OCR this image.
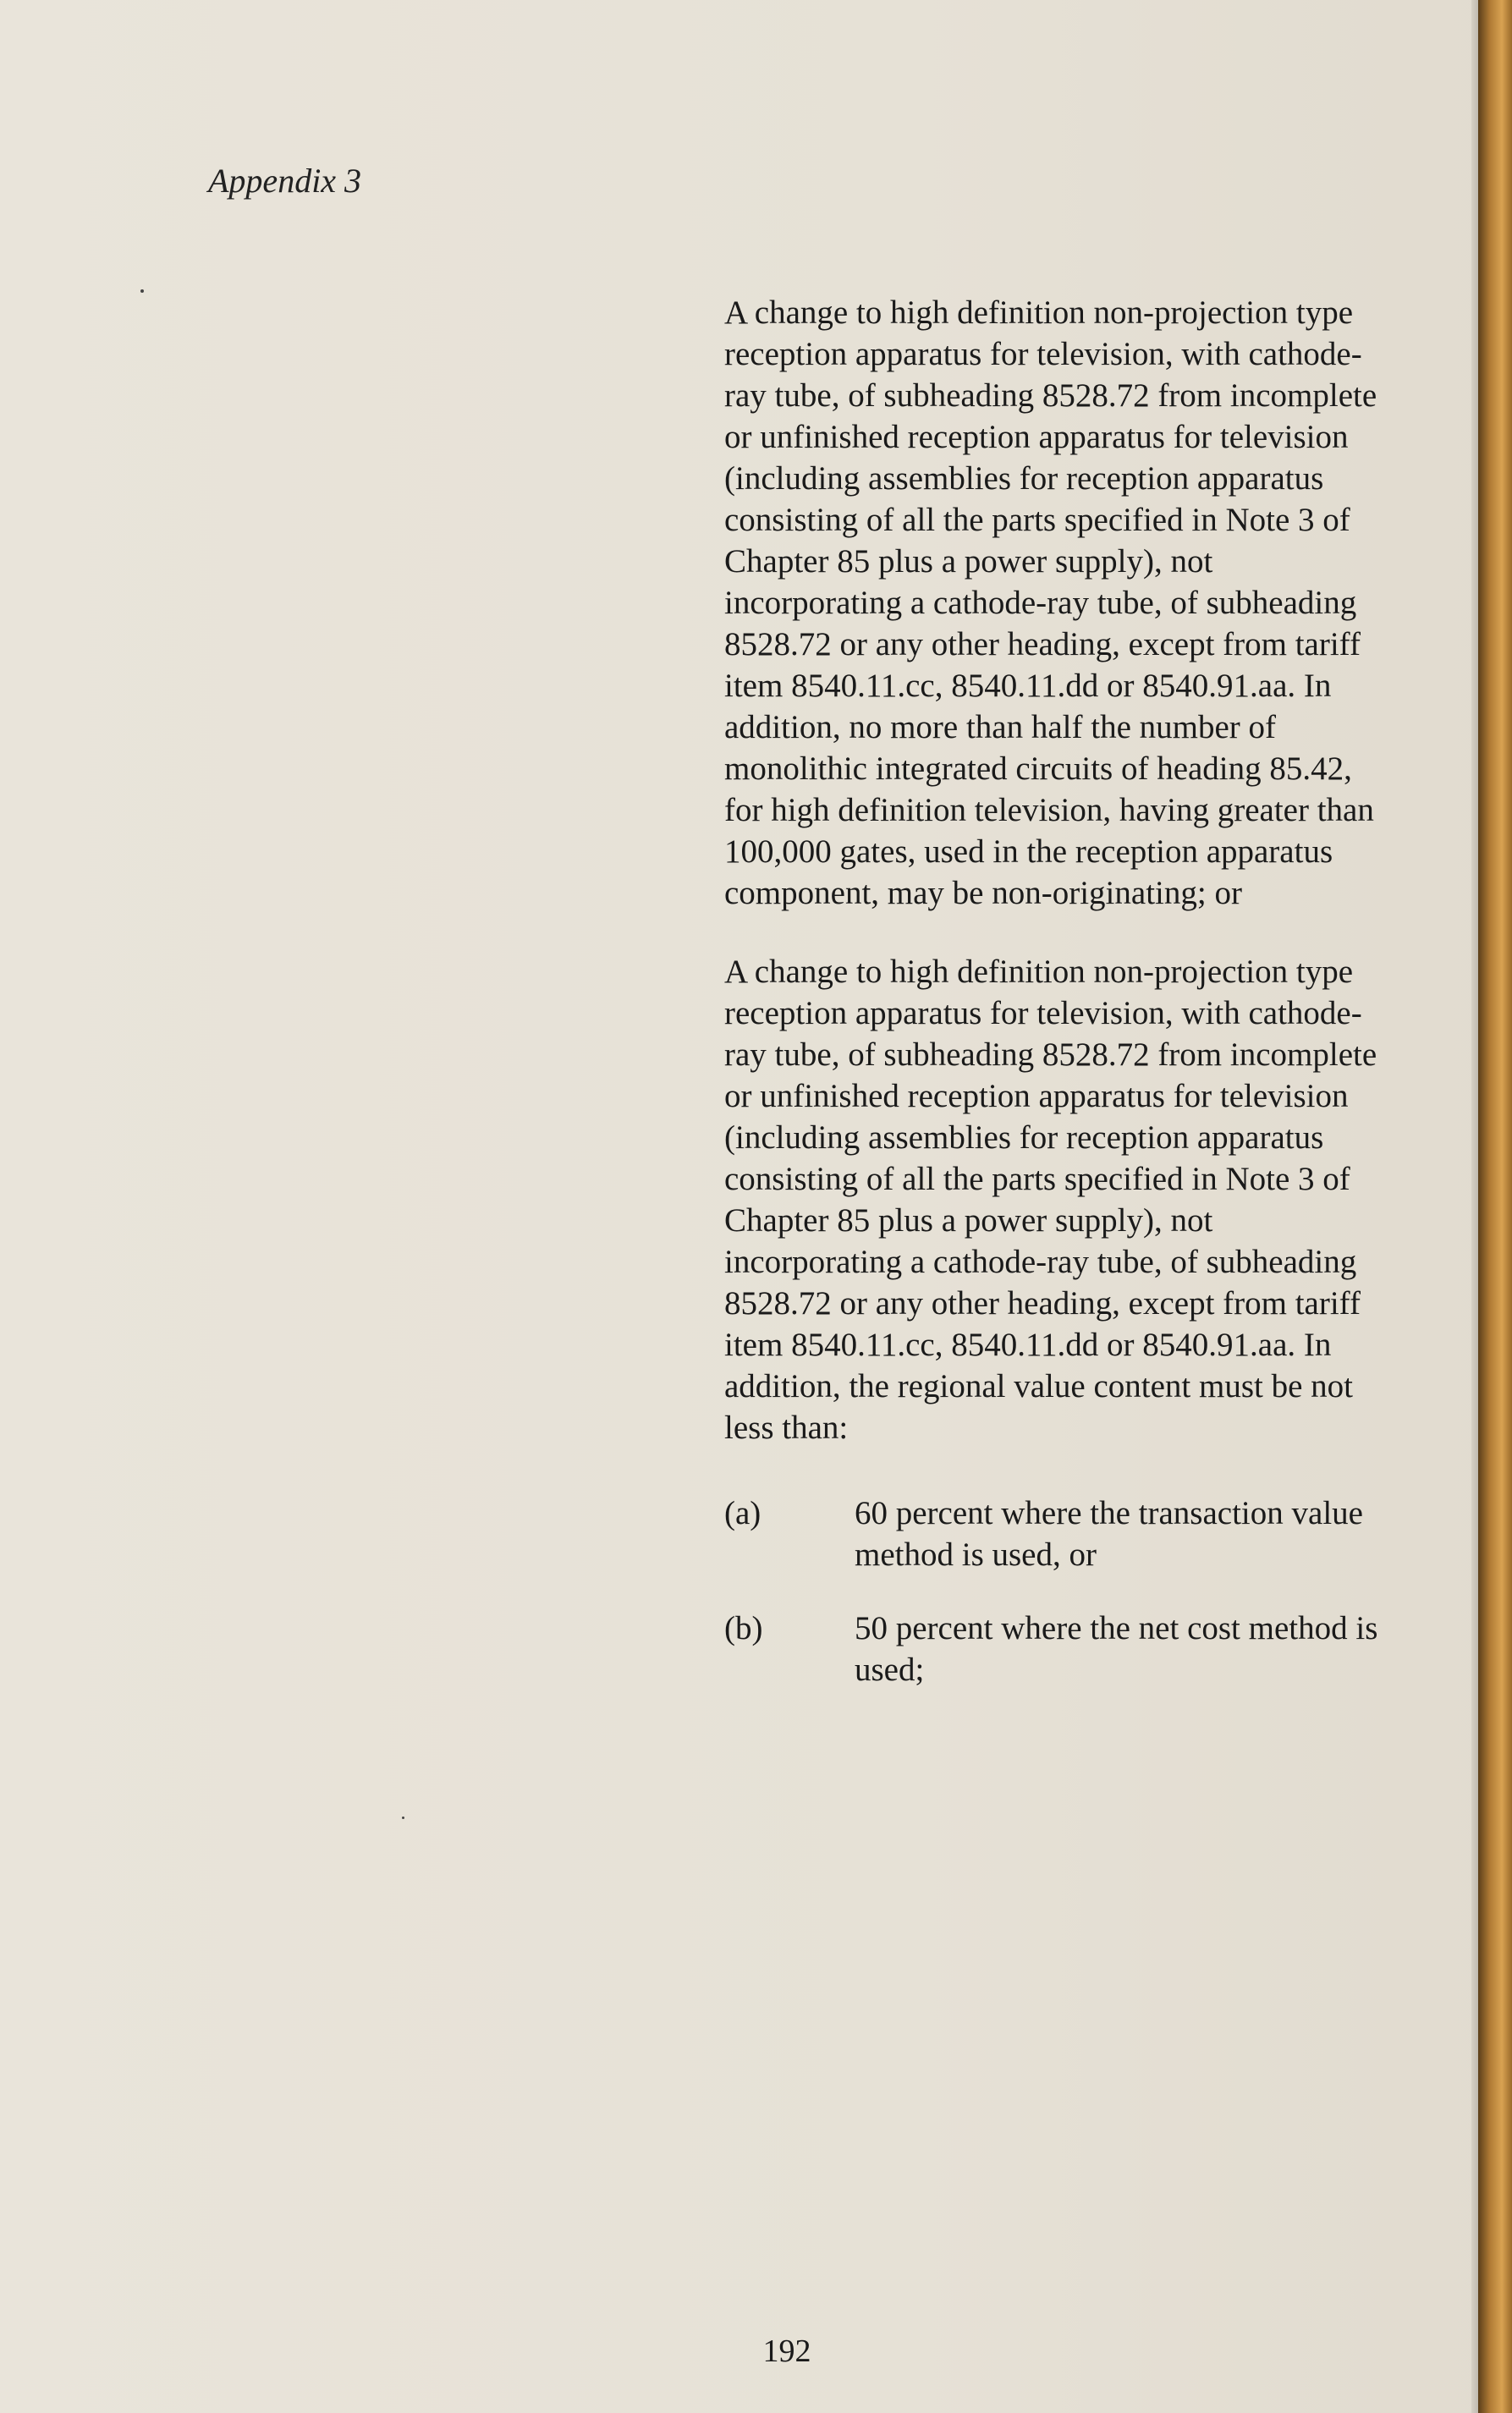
Appendix 3

A change to high definition non-projection type reception apparatus for television, with cathode-ray tube, of subheading 8528.72 from incomplete or unfinished reception apparatus for television (including assemblies for reception apparatus consisting of all the parts specified in Note 3 of Chapter 85 plus a power supply), not incorporating a cathode-ray tube, of subheading 8528.72 or any other heading, except from tariff item 8540.11.cc, 8540.11.dd or 8540.91.aa. In addition, no more than half the number of monolithic integrated circuits of heading 85.42, for high definition television, having greater than 100,000 gates, used in the reception apparatus component, may be non-originating; or

A change to high definition non-projection type reception apparatus for television, with cathode-ray tube, of subheading 8528.72 from incomplete or unfinished reception apparatus for television (including assemblies for reception apparatus consisting of all the parts specified in Note 3 of Chapter 85 plus a power supply), not incorporating a cathode-ray tube, of subheading 8528.72 or any other heading, except from tariff item 8540.11.cc, 8540.11.dd or 8540.91.aa. In addition, the regional value content must be not less than:

(a)	60 percent where the transaction value method is used, or
(b)	50 percent where the net cost method is used;
192
